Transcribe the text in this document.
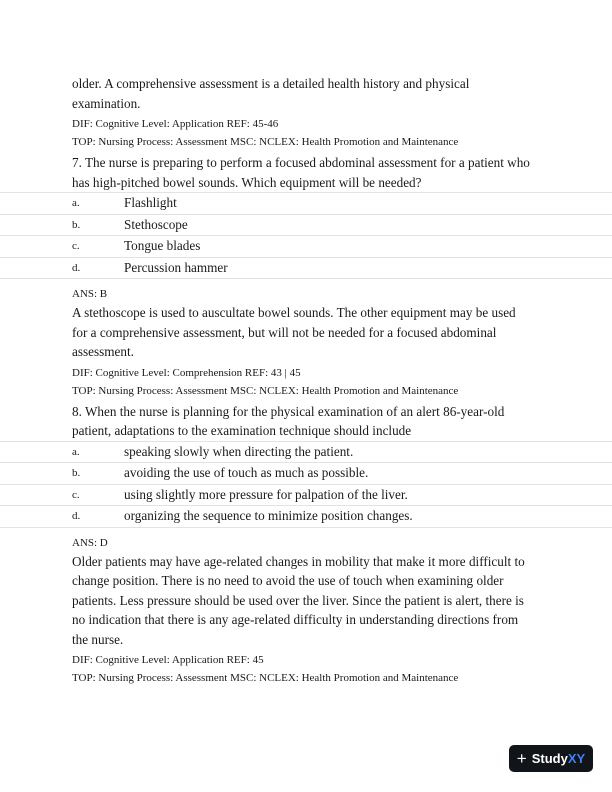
older. A comprehensive assessment is a detailed health history and physical
examination.

DIF: Cognitive Level: Application REF: 45-46

TOP: Nursing Process: Assessment MSC: NCLEX: Health Promotion and Maintenance

7. The nurse is preparing to perform a focused abdominal assessment for a patient who
has high-pitched bowel sounds. Which equipment will be needed?

a.	Flashlight
b.	Stethoscope
c.	Tongue blades
d.	Percussion hammer

ANS: B

A stethoscope is used to auscultate bowel sounds. The other equipment may be used
for a comprehensive assessment, but will not be needed for a focused abdominal
assessment.

DIF: Cognitive Level: Comprehension REF: 43 | 45

TOP: Nursing Process: Assessment MSC: NCLEX: Health Promotion and Maintenance

8. When the nurse is planning for the physical examination of an alert 86-year-old
patient, adaptations to the examination technique should include

a.	speaking slowly when directing the patient.
b.	avoiding the use of touch as much as possible.
c.	using slightly more pressure for palpation of the liver.
d.	organizing the sequence to minimize position changes.

ANS: D

Older patients may have age-related changes in mobility that make it more difficult to
change position. There is no need to avoid the use of touch when examining older
patients. Less pressure should be used over the liver. Since the patient is alert, there is
no indication that there is any age-related difficulty in understanding directions from
the nurse.

DIF: Cognitive Level: Application REF: 45

TOP: Nursing Process: Assessment MSC: NCLEX: Health Promotion and Maintenance

+ StudyXY
